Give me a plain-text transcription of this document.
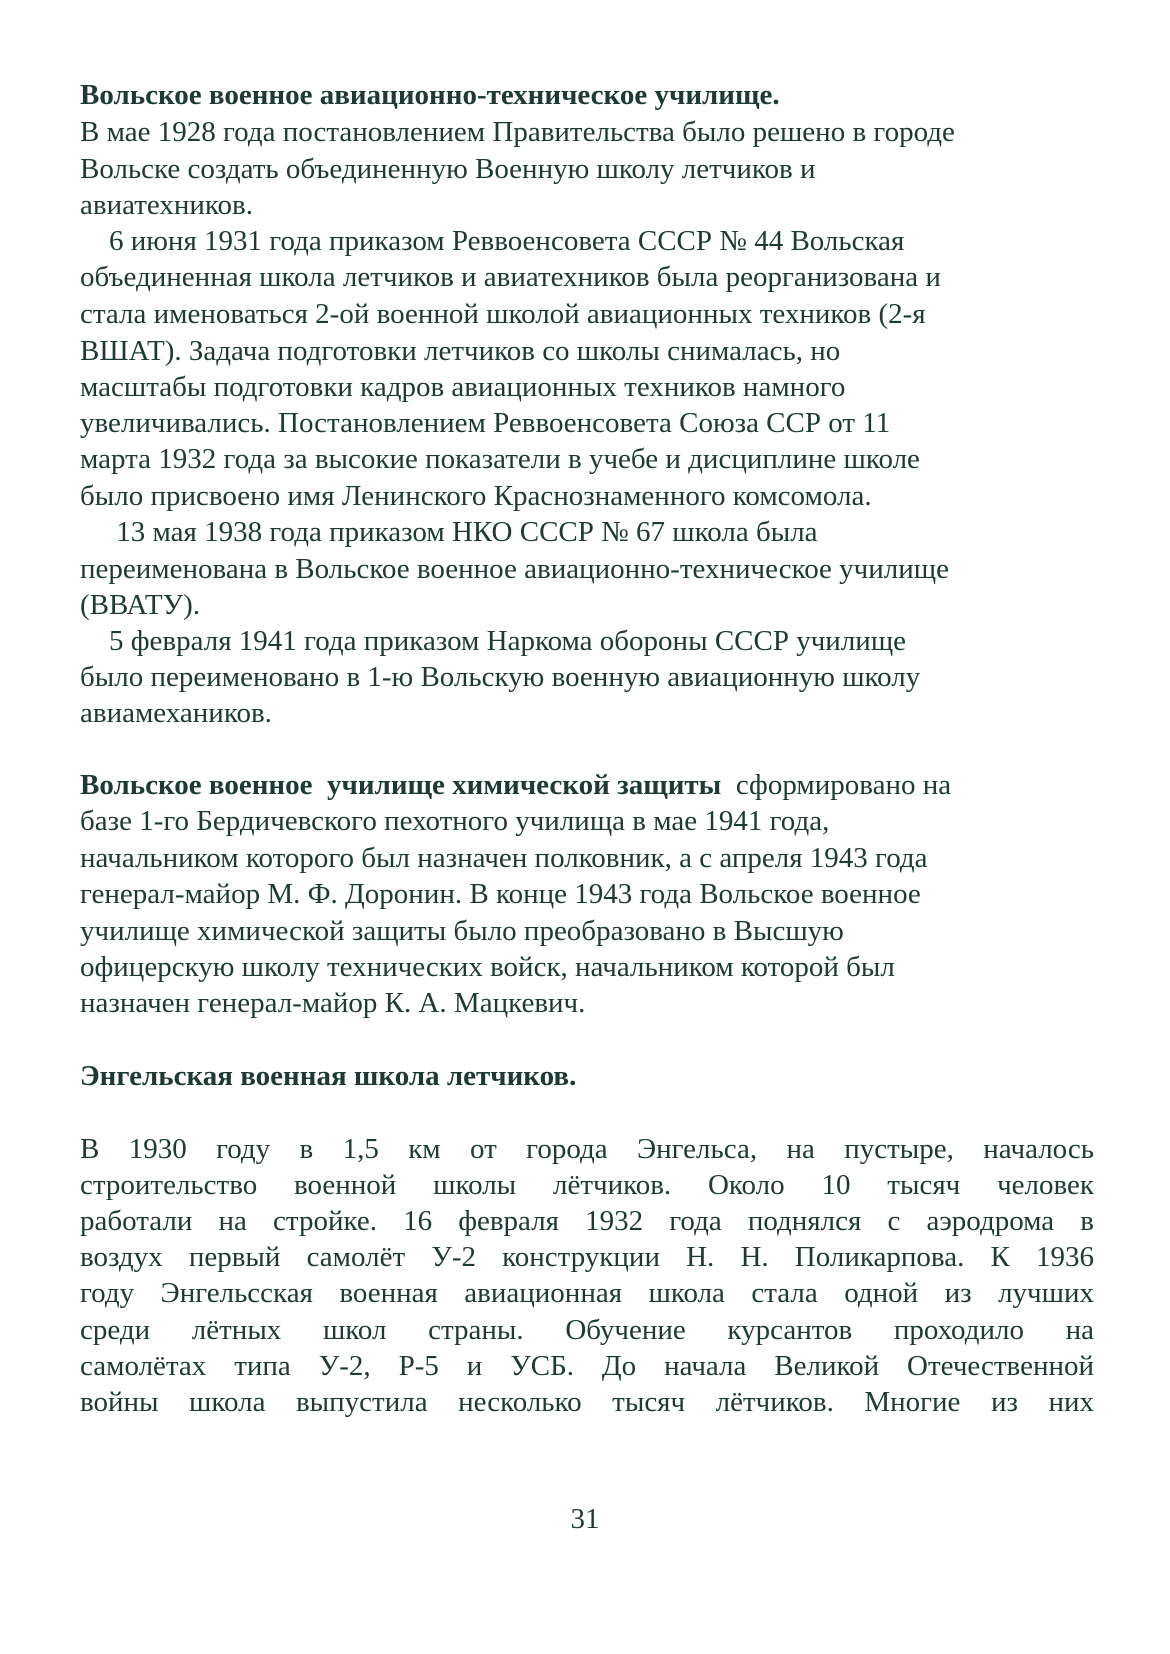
Вольское военное авиационно-техническое училище.
В мае 1928 года постановлением Правительства было решено в городе
Вольске создать объединенную Военную школу летчиков и
авиатехников.
6 июня 1931 года приказом Реввоенсовета СССР № 44 Вольская
объединенная школа летчиков и авиатехников была реорганизована и
стала именоваться 2-ой военной школой авиационных техников (2-я
ВШАТ). Задача подготовки летчиков со школы снималась, но
масштабы подготовки кадров авиационных техников намного
увеличивались. Постановлением Реввоенсовета Союза ССР от 11
марта 1932 года за высокие показатели в учебе и дисциплине школе
было присвоено имя Ленинского Краснознаменного комсомола.
13 мая 1938 года приказом НКО СССР № 67 школа была
переименована в Вольское военное авиационно-техническое училище
(ВВАТУ).
5 февраля 1941 года приказом Наркома обороны СССР училище
было переименовано в 1-ю Вольскую военную авиационную школу
авиамехаников.
Вольское военное  училище химической защиты  сформировано на
базе 1-го Бердичевского пехотного училища в мае 1941 года,
начальником которого был назначен полковник, а с апреля 1943 года
генерал-майор М. Ф. Доронин. В конце 1943 года Вольское военное
училище химической защиты было преобразовано в Высшую
офицерскую школу технических войск, начальником которой был
назначен генерал-майор К. А. Мацкевич.
Энгельская военная школа летчиков.
В 1930 году в 1,5 км от города Энгельса, на пустыре, началось
строительство военной школы лётчиков. Около 10 тысяч человек
работали на стройке. 16 февраля 1932 года поднялся с аэродрома в
воздух первый самолёт У-2 конструкции Н. Н. Поликарпова. К 1936
году Энгельсская военная авиационная школа стала одной из лучших
среди лётных школ страны. Обучение курсантов проходило на
самолётах типа У-2, Р-5 и УСБ. До начала Великой Отечественной
войны школа выпустила несколько тысяч лётчиков. Многие из них
31
